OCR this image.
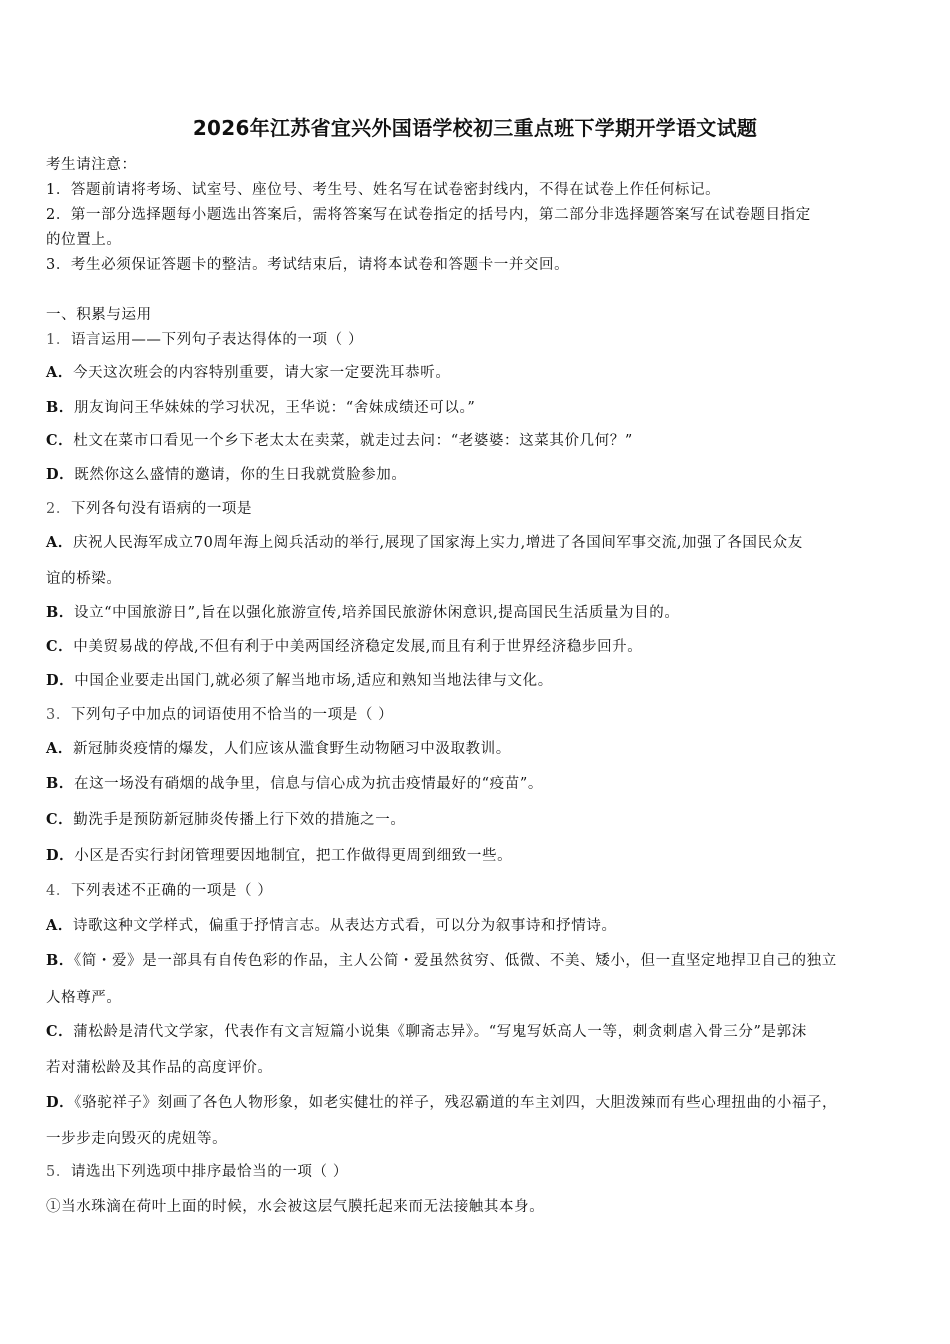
2026年江苏省宜兴外国语学校初三重点班下学期开学语文试题
考生请注意：
1．答题前请将考场、试室号、座位号、考生号、姓名写在试卷密封线内，不得在试卷上作任何标记。
2．第一部分选择题每小题选出答案后，需将答案写在试卷指定的括号内，第二部分非选择题答案写在试卷题目指定
的位置上。
3．考生必须保证答题卡的整洁。考试结束后，请将本试卷和答题卡一并交回。
一、积累与运用
1．语言运用——下列句子表达得体的一项（ ）
A．今天这次班会的内容特别重要，请大家一定要洗耳恭听。
B．朋友询问王华妹妹的学习状况，王华说：“舍妹成绩还可以。”
C．杜文在菜市口看见一个乡下老太太在卖菜，就走过去问：“老婆婆：这菜其价几何？”
D．既然你这么盛情的邀请，你的生日我就赏脸参加。
2．下列各句没有语病的一项是
A．庆祝人民海军成立70周年海上阅兵活动的举行,展现了国家海上实力,增进了各国间军事交流,加强了各国民众友
谊的桥梁。
B．设立“中国旅游日”,旨在以强化旅游宣传,培养国民旅游休闲意识,提高国民生活质量为目的。
C．中美贸易战的停战,不但有利于中美两国经济稳定发展,而且有利于世界经济稳步回升。
D．中国企业要走出国门,就必须了解当地市场,适应和熟知当地法律与文化。
3．下列句子中加点的词语使用不恰当的一项是（ ）
A．新冠肺炎疫情的爆发，人们应该从滥食野生动物陋习中汲取教训。
B．在这一场没有硝烟的战争里，信息与信心成为抗击疫情最好的“疫苗”。
C．勤洗手是预防新冠肺炎传播上行下效的措施之一。
D．小区是否实行封闭管理要因地制宜，把工作做得更周到细致一些。
4．下列表述不正确的一项是（ ）
A．诗歌这种文学样式，偏重于抒情言志。从表达方式看，可以分为叙事诗和抒情诗。
B．《简・爱》是一部具有自传色彩的作品，主人公简・爱虽然贫穷、低微、不美、矮小，但一直坚定地捍卫自己的独立
人格尊严。
C．蒲松龄是清代文学家，代表作有文言短篇小说集《聊斋志异》。“写鬼写妖高人一等，刺贪刺虐入骨三分”是郭沫
若对蒲松龄及其作品的高度评价。
D．《骆驼祥子》刻画了各色人物形象，如老实健壮的祥子，残忍霸道的车主刘四，大胆泼辣而有些心理扭曲的小福子，
一步步走向毁灭的虎妞等。
5．请选出下列选项中排序最恰当的一项（ ）
①当水珠滴在荷叶上面的时候，水会被这层气膜托起来而无法接触其本身。
